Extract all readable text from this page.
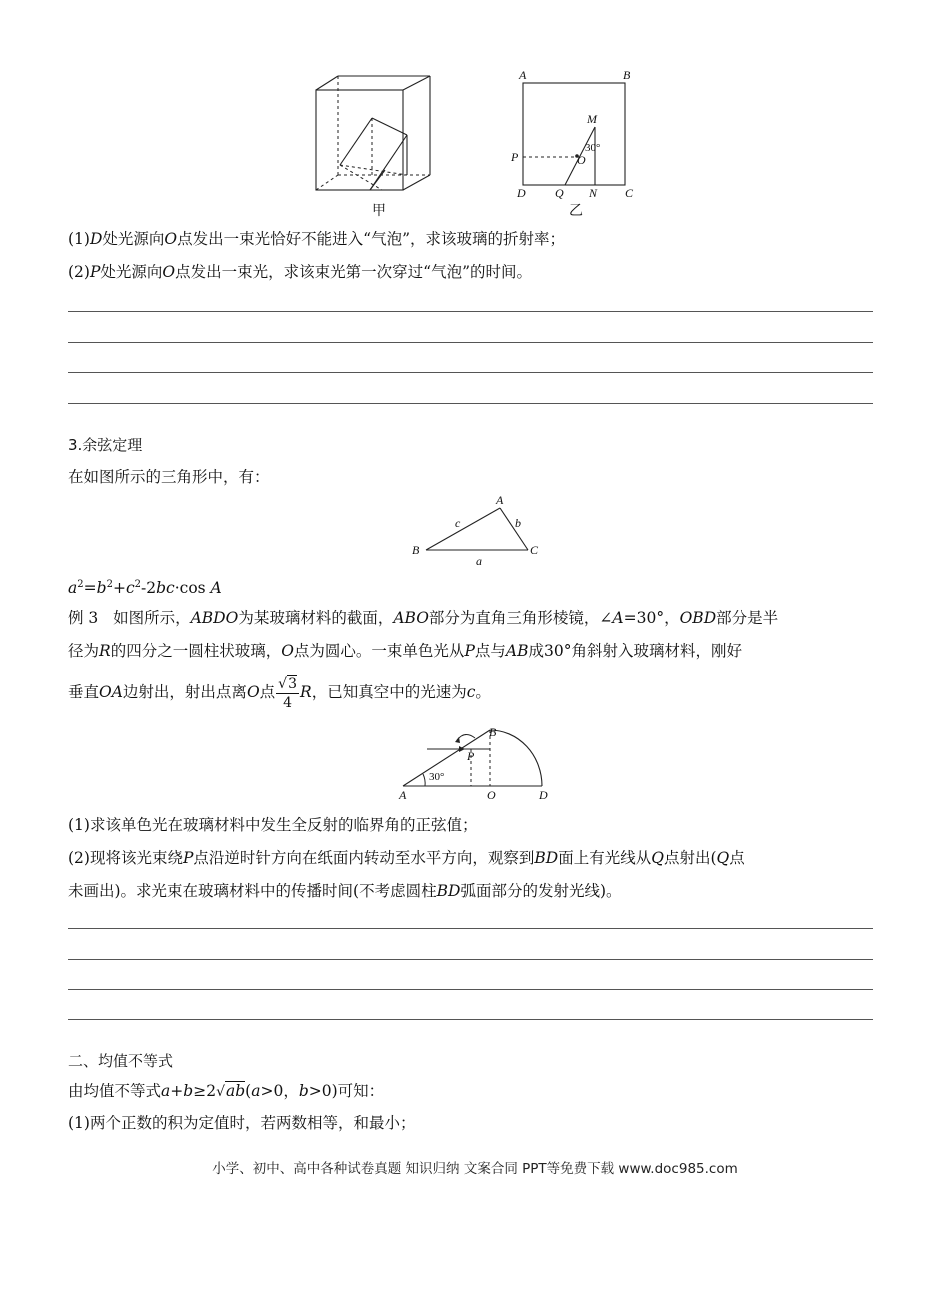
甲
A	B
M
P	O
D Q N C
30°
乙
(1)D处光源向O点发出一束光恰好不能进入“气泡”，求该玻璃的折射率；
(2)P处光源向O点发出一束光，求该束光第一次穿过“气泡”的时间。
3.余弦定理
在如图所示的三角形中，有：
A
B	C
a
b
c
$a^2=b^2+c^2-2bc\cdot\cos$ A
例 3 如图所示，ABDO为某玻璃材料的截面，ABO部分为直角三角形棱镜，∠A=30°，OBD部分是半
径为R的四分之一圆柱状玻璃，O点为圆心。一束单色光从P点与AB成30°角斜射入玻璃材料，刚好
垂直OA边射出，射出点离O点 $\frac{√3}{4}$ R，已知真空中的光速为c。
B
P
A	O	D
30°
(1)求该单色光在玻璃材料中发生全反射的临界角的正弦值；
(2)现将该光束绕P点沿逆时针方向在纸面内转动至水平方向，观察到BD面上有光线从Q点射出(Q点
未画出)。求光束在玻璃材料中的传播时间(不考虑圆柱BD弧面部分的发射光线)。
二、均值不等式
由均值不等式a+b≥2√ab(a>0，b>0)可知：
(1)两个正数的积为定值时，若两数相等，和最小；
小学、初中、高中各种试卷真题 知识归纳 文案合同 PPT等免费下载 www.doc985.com
